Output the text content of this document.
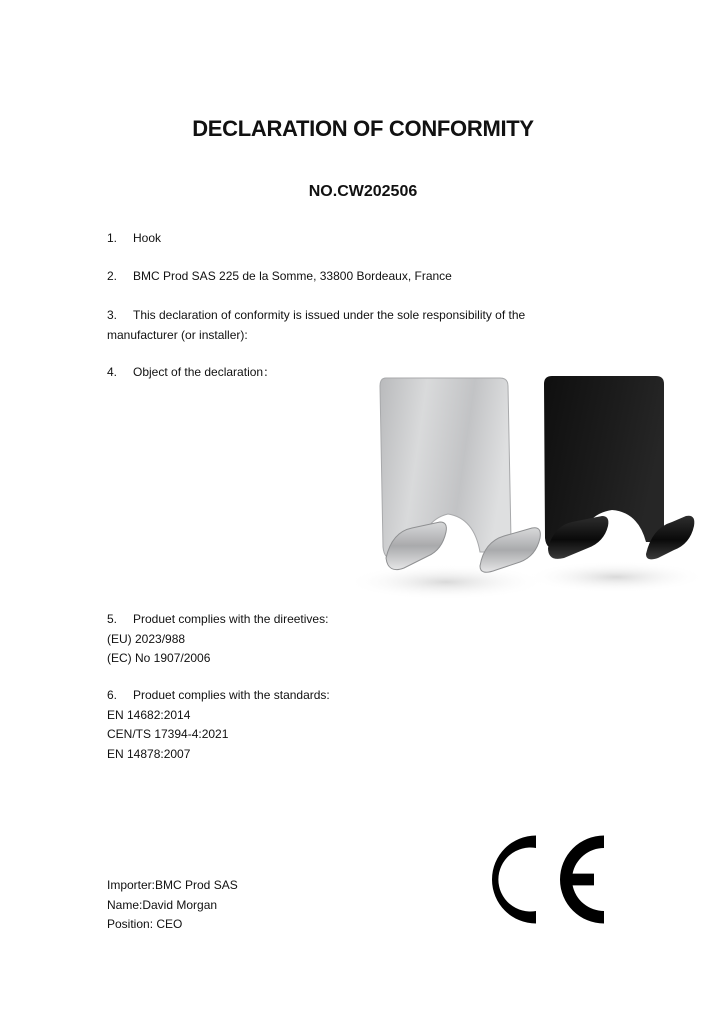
DECLARATION OF CONFORMITY
NO.CW202506
1. Hook
2. BMC Prod SAS 225 de la Somme, 33800 Bordeaux, France
3. This declaration of conformity is issued under the sole responsibility of the
manufacturer (or installer):
4. Object of the declaration：
5. Produet complies with the direetives:
(EU) 2023/988
(EC) No 1907/2006
6. Produet complies with the standards:
EN 14682:2014
CEN/TS 17394-4:2021
EN 14878:2007
Importer:BMC Prod SAS
Name:David Morgan
Position: CEO
